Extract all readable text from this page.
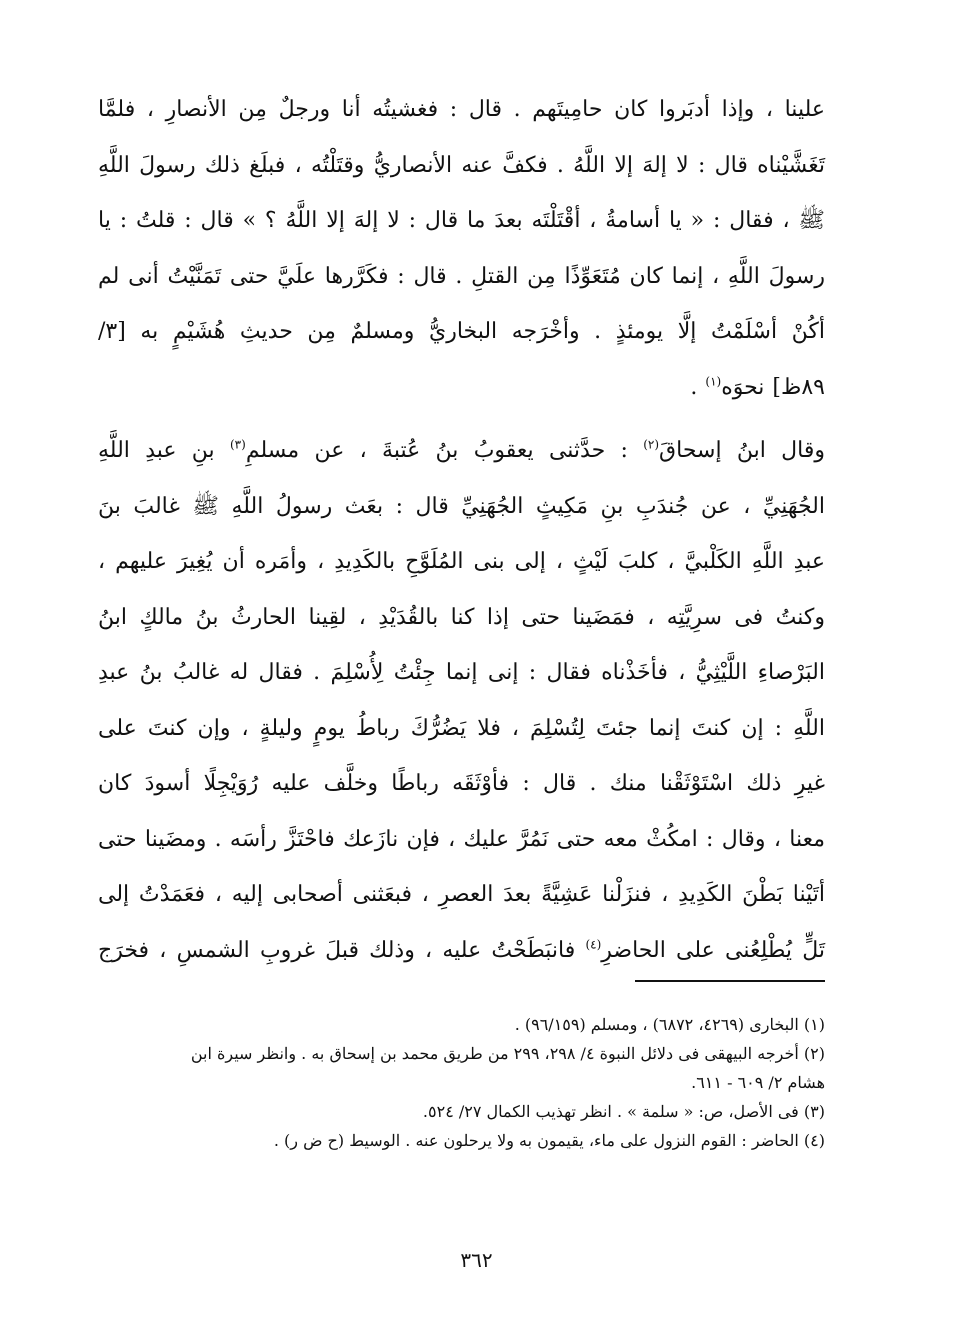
علينا ، وإذا أدبَروا كان حامِيتَهم . قال : فغشيتُه أنا ورجلٌ مِن الأنصارِ ، فلمَّا
تَغَشَّيْناه قال : لا إلهَ إلا اللَّهُ . فكفَّ عنه الأنصاريُّ وقتَلْتُه ، فبلَغ ذلك رسولَ اللَّهِ
ﷺ ، فقال : « يا أسامةُ ، أقْتَلْتَه بعدَ ما قال : لا إلهَ إلا اللَّهُ ؟ » قال : قلتُ : يا
رسولَ اللَّهِ ، إنما كان مُتَعَوِّذًا مِن القتلِ . قال : فكَرَّرها علَيَّ حتى تَمَنَّيْتُ أنى لم
أكُنْ أسْلَمْتُ إلَّا يومئذٍ . وأخْرَجه البخاريُّ ومسلمٌ مِن حديثِ هُشَيْمٍ به [٣/
٨٩ظ] نحوَه$^{(١)}$ .

وقال ابنُ إسحاقَ$^{(٢)}$ : حدَّثنى يعقوبُ بنُ عُتبةَ ، عن مسلمِ$^{(٣)}$ بنِ عبدِ اللَّهِ
الجُهَنِيِّ ، عن جُندَبِ بنِ مَكِيثٍ الجُهَنِيِّ قال : بعَث رسولُ اللَّهِ ﷺ غالبَ بنَ
عبدِ اللَّهِ الكَلْبيَّ ، كلبَ لَيْثٍ ، إلى بنى المُلَوَّحِ بالكَدِيدِ ، وأمَره أن يُغِيرَ عليهم ،
وكنتُ فى سرِيَّتِه ، فمَضَينا حتى إذا كنا بالقُدَيْدِ ، لقِينا الحارثُ بنُ مالكٍ ابنُ
البَرْصاءِ اللَّيْثِيُّ ، فأخَذْناه فقال : إنى إنما جِئْتُ لِأُسْلِمَ . فقال له غالبُ بنُ عبدِ
اللَّهِ : إن كنتَ إنما جئتَ لِتُسْلِمَ ، فلا يَضُرُّكَ رباطُ يومٍ وليلةٍ ، وإن كنتَ على
غيرِ ذلك اسْتَوْثَقْنا منك . قال : فأوْثَقَه رباطًا وخلَّف عليه رُوَيْجِلًا أسودَ كان
معنا ، وقال : امكُثْ معه حتى نَمُرَّ عليك ، فإن نازَعك فاحْتَزَّ رأسَه . ومضَينا حتى
أتَيْنا بَطْنَ الكَدِيدِ ، فنزَلْنا عَشِيَّةً بعدَ العصرِ ، فبعَثنى أصحابى إليه ، فعَمَدْتُ إلى
تَلٍّ يُطْلِعُنى على الحاضرِ$^{(٤)}$ فانبَطَحْتُ عليه ، وذلك قبلَ غروبِ الشمسِ ، فخرَج

(١) البخارى (٤٢٦٩، ٦٨٧٢) ، ومسلم (٩٦/١٥٩) .
(٢) أخرجه البيهقى فى دلائل النبوة ٤/ ٢٩٨، ٢٩٩ من طريق محمد بن إسحاق به . وانظر سيرة ابن
هشام ٢/ ٦٠٩ - ٦١١.
(٣) فى الأصل، ص: « سلمة » . انظر تهذيب الكمال ٢٧/ ٥٢٤.
(٤) الحاضر : القوم النزول على ماء، يقيمون به ولا يرحلون عنه . الوسيط (ح ض ر) .
٣٦٢
